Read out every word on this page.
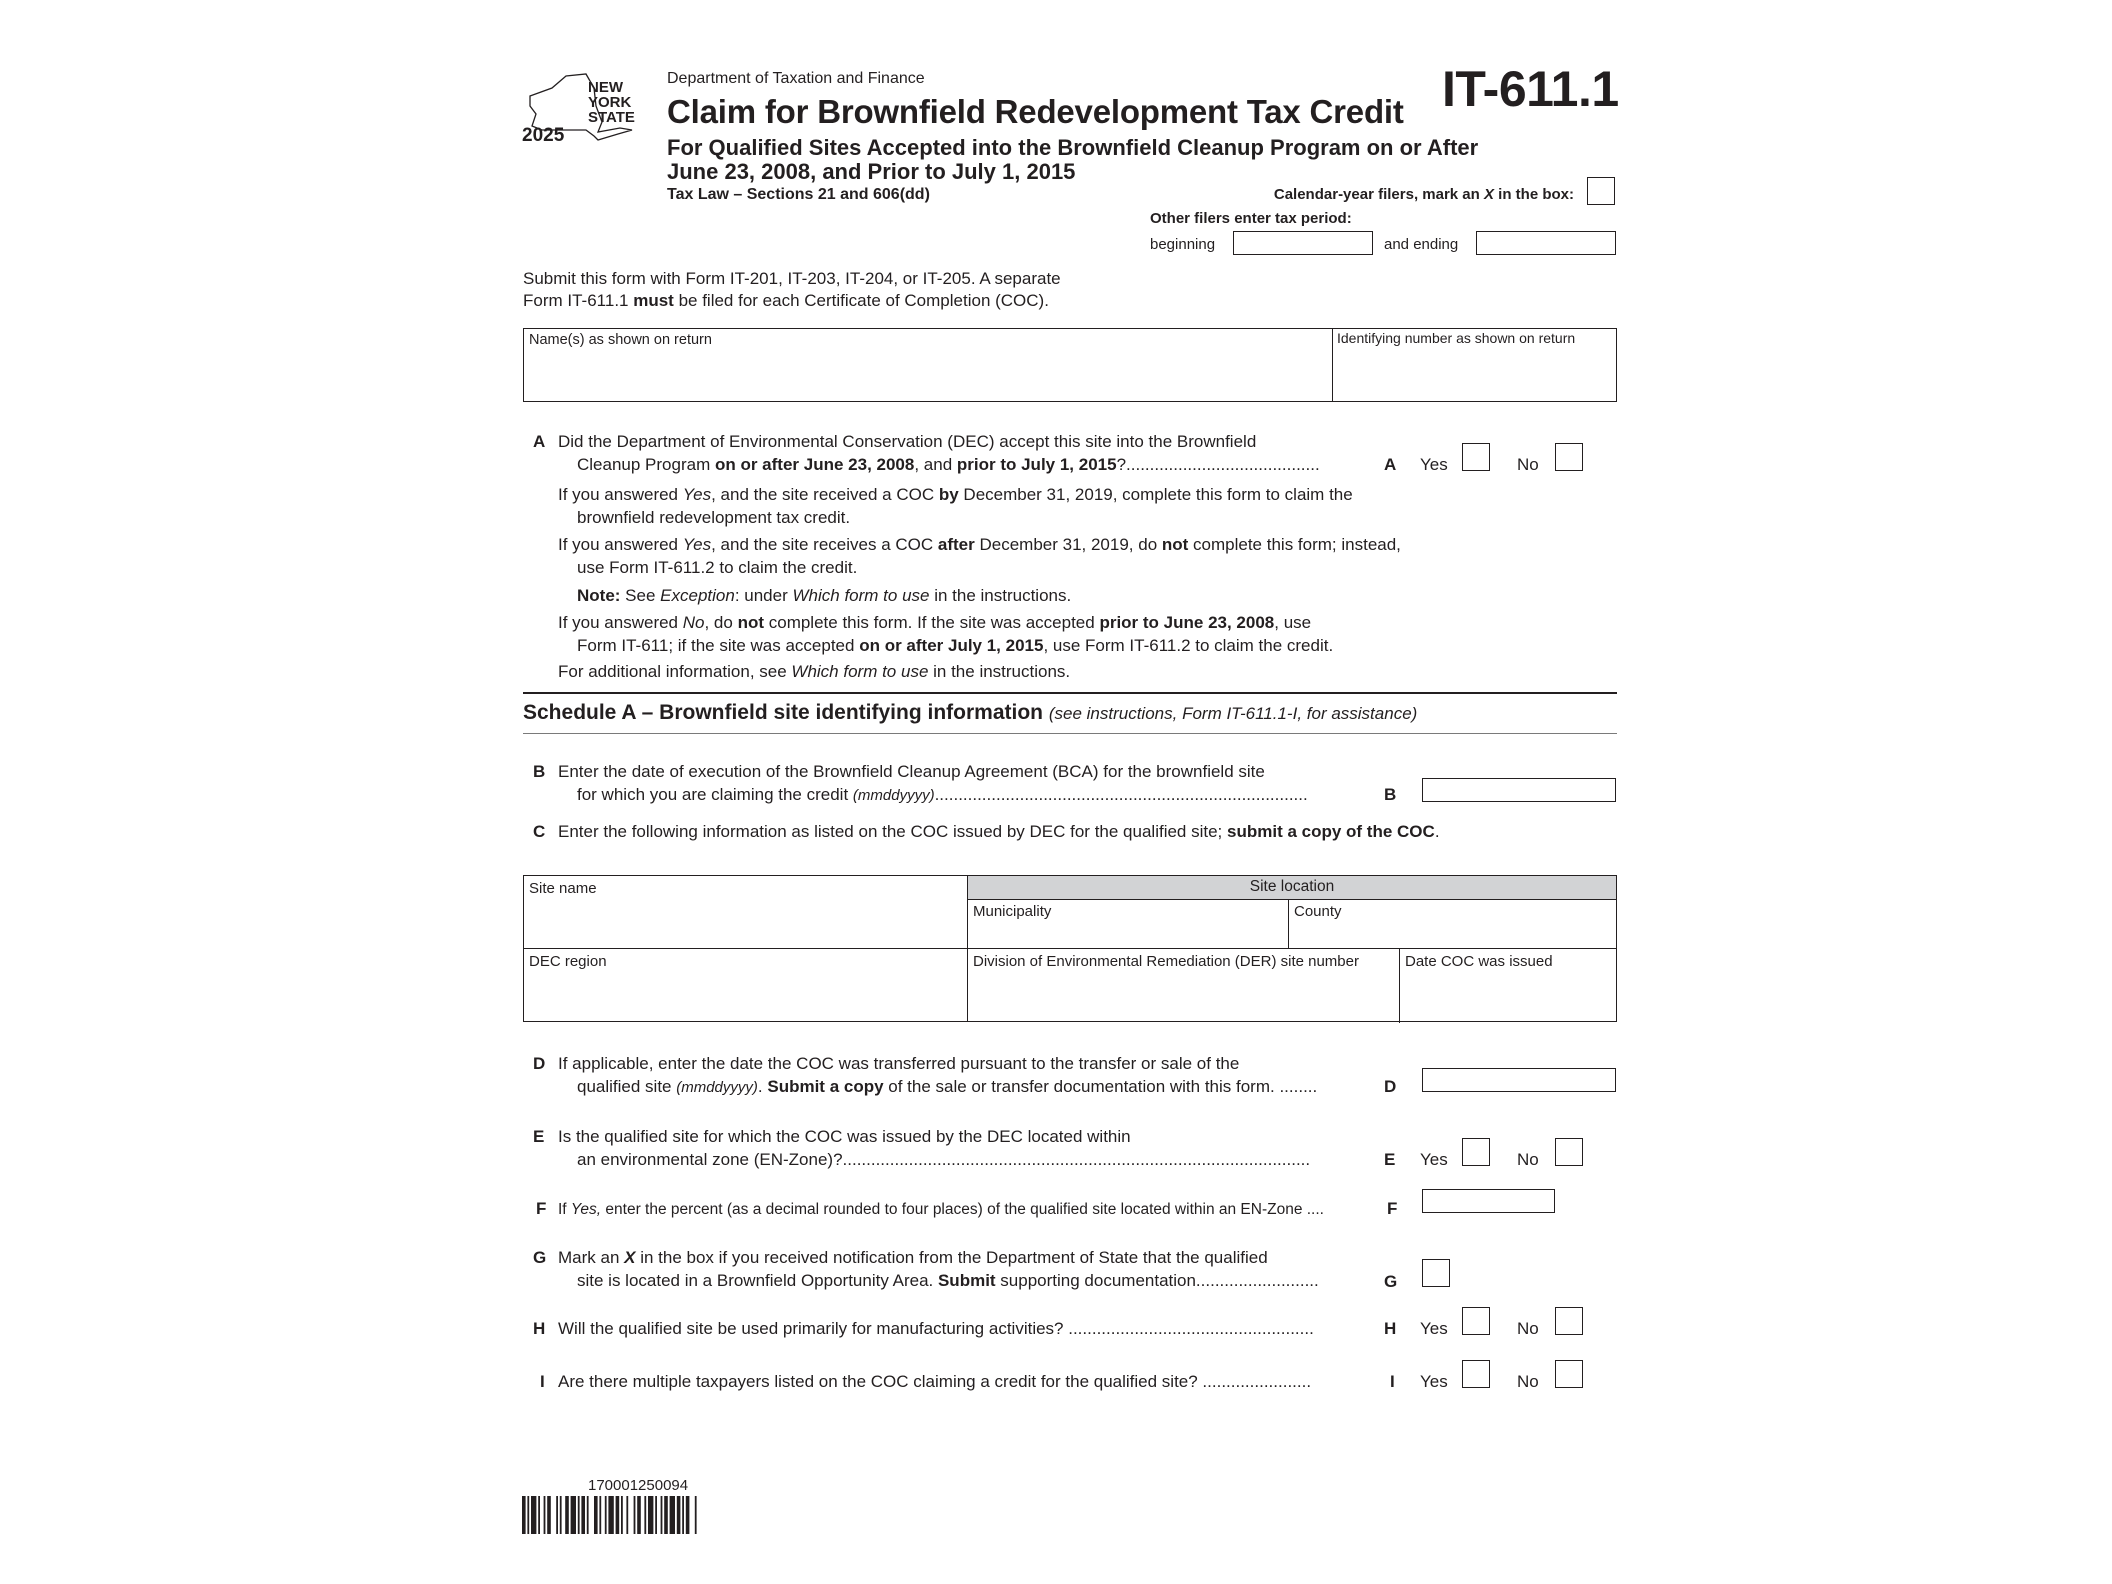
NEW
YORK
STATE
2025
Department of Taxation and Finance
Claim for Brownfield Redevelopment Tax Credit IT-611.1
For Qualified Sites Accepted into the Brownfield Cleanup Program on or After
June 23, 2008, and Prior to July 1, 2015
Tax Law – Sections 21 and 606(dd)	Calendar-year filers, mark an X in the box:
Other filers enter tax period:
beginning	and ending
Submit this form with Form IT-201, IT-203, IT-204, or IT-205. A separate
Form IT-611.1 must be filed for each Certificate of Completion (COC).
Name(s) as shown on return	Identifying number as shown on return
A Did the Department of Environmental Conservation (DEC) accept this site into the Brownfield
Cleanup Program on or after June 23, 2008, and prior to July 1, 2015?.........................................	A Yes	No
If you answered Yes, and the site received a COC by December 31, 2019, complete this form to claim the
brownfield redevelopment tax credit.
If you answered Yes, and the site receives a COC after December 31, 2019, do not complete this form; instead,
use Form IT-611.2 to claim the credit.
Note: See Exception: under Which form to use in the instructions.
If you answered No, do not complete this form. If the site was accepted prior to June 23, 2008, use
Form IT-611; if the site was accepted on or after July 1, 2015, use Form IT-611.2 to claim the credit.
For additional information, see Which form to use in the instructions.
Schedule A – Brownfield site identifying information (see instructions, Form IT-611.1-I, for assistance)
B Enter the date of execution of the Brownfield Cleanup Agreement (BCA) for the brownfield site
for which you are claiming the credit (mmddyyyy)...............................................................................	B
C Enter the following information as listed on the COC issued by DEC for the qualified site; submit a copy of the COC.
Site location
Site name
Municipality	County
DEC region	Division of Environmental Remediation (DER) site number	Date COC was issued
D If applicable, enter the date the COC was transferred pursuant to the transfer or sale of the
qualified site (mmddyyyy). Submit a copy of the sale or transfer documentation with this form. ........	D
E Is the qualified site for which the COC was issued by the DEC located within
an environmental zone (EN-Zone)?...................................................................................................	E Yes	No
F If Yes, enter the percent (as a decimal rounded to four places) of the qualified site located within an EN-Zone ....	F
G Mark an X in the box if you received notification from the Department of State that the qualified
site is located in a Brownfield Opportunity Area. Submit supporting documentation..........................	G
H Will the qualified site be used primarily for manufacturing activities? ....................................................	H Yes	No
I Are there multiple taxpayers listed on the COC claiming a credit for the qualified site? .......................	I Yes	No
170001250094
